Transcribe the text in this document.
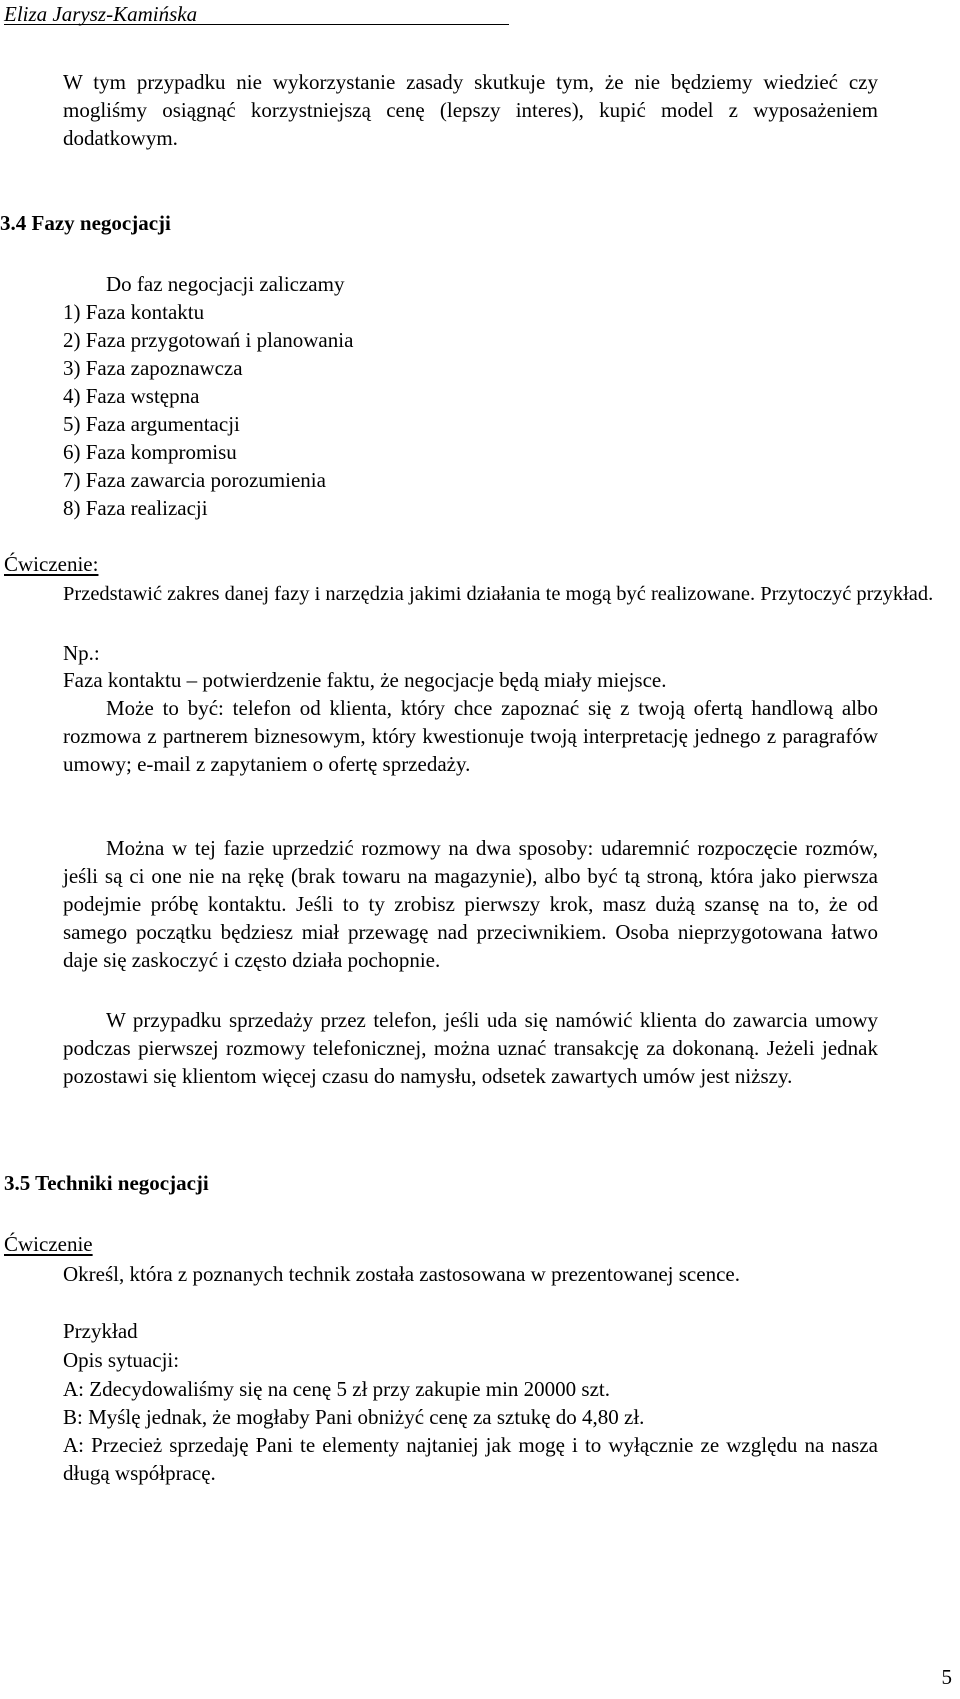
Eliza Jarysz-Kamińska
W tym przypadku nie wykorzystanie zasady skutkuje tym, że nie będziemy wiedzieć czy mogliśmy osiągnąć korzystniejszą cenę (lepszy interes), kupić model z wyposażeniem dodatkowym.
3.4 Fazy negocjacji
Do faz negocjacji zaliczamy
1) Faza kontaktu
2) Faza przygotowań i planowania
3) Faza zapoznawcza
4) Faza wstępna
5) Faza argumentacji
6) Faza kompromisu
7) Faza zawarcia porozumienia
8) Faza realizacji
Ćwiczenie:
Przedstawić zakres danej fazy i narzędzia jakimi działania te mogą być realizowane. Przytoczyć przykład.
Np.:
Faza kontaktu – potwierdzenie faktu, że negocjacje będą miały miejsce.
Może to być: telefon od klienta, który chce zapoznać się z twoją ofertą handlową albo rozmowa z partnerem biznesowym, który kwestionuje twoją interpretację jednego z paragrafów umowy; e-mail z zapytaniem o ofertę sprzedaży.
Można w tej fazie uprzedzić rozmowy na dwa sposoby: udaremnić rozpoczęcie rozmów, jeśli są ci one nie na rękę (brak towaru na magazynie), albo być tą stroną, która jako pierwsza podejmie próbę kontaktu. Jeśli to ty zrobisz pierwszy krok, masz dużą szansę na to, że od samego początku będziesz miał przewagę nad przeciwnikiem. Osoba nieprzygotowana łatwo daje się zaskoczyć i często działa pochopnie.
W przypadku sprzedaży przez telefon, jeśli uda się namówić klienta do zawarcia umowy podczas pierwszej rozmowy telefonicznej, można uznać transakcję za dokonaną. Jeżeli jednak pozostawi się klientom więcej czasu do namysłu, odsetek zawartych umów jest niższy.
3.5 Techniki negocjacji
Ćwiczenie
Określ, która z poznanych technik została zastosowana w prezentowanej scence.
Przykład
Opis sytuacji:
A: Zdecydowaliśmy się na cenę 5 zł przy zakupie min 20000 szt.
B: Myślę jednak, że mogłaby Pani obniżyć cenę za sztukę do 4,80 zł.
A: Przecież sprzedaję Pani te elementy najtaniej jak mogę i to wyłącznie ze względu na nasza długą współpracę.
5
